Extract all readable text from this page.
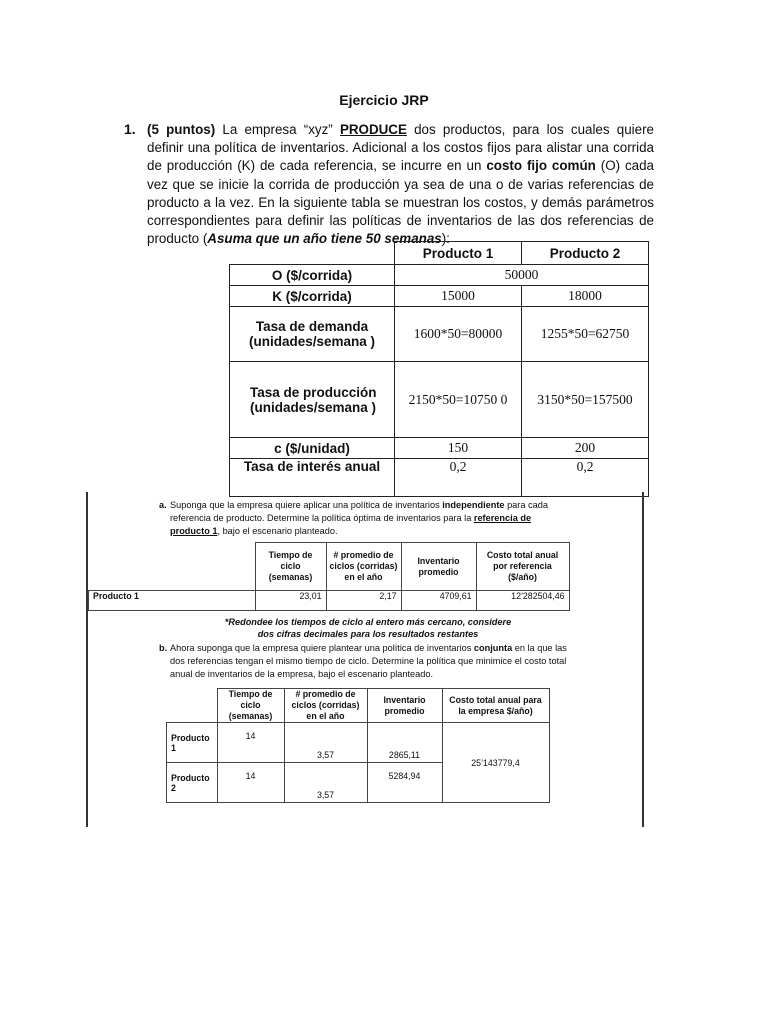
Ejercicio JRP
1. (5 puntos) La empresa “xyz” PRODUCE dos productos, para los cuales quiere definir una política de inventarios. Adicional a los costos fijos para alistar una corrida de producción (K) de cada referencia, se incurre en un costo fijo común (O) cada vez que se inicie la corrida de producción ya sea de una o de varias referencias de producto a la vez. En la siguiente tabla se muestran los costos, y demás parámetros correspondientes para definir las políticas de inventarios de las dos referencias de producto (Asuma que un año tiene 50 semanas):
	Producto 1	Producto 2
O ($/corrida)	50000	
K ($/corrida)	15000	18000
Tasa de demanda (unidades/semana )	1600*50=80000	1255*50=62750
Tasa de producción (unidades/semana )	2150*50=10750 0	3150*50=157500
c ($/unidad)	150	200
Tasa de interés anual	0,2	0,2
a. Suponga que la empresa quiere aplicar una política de inventarios independiente para cada referencia de producto. Determine la política óptima de inventarios para la referencia de producto 1, bajo el escenario planteado.
	Tiempo de ciclo (semanas)	# promedio de ciclos (corridas) en el año	Inventario promedio	Costo total anual por referencia ($/año)
Producto 1	23,01	2,17	4709,61	12’282504,46
*Redondee los tiempos de ciclo al entero más cercano, considere dos cifras decimales para los resultados restantes
b. Ahora suponga que la empresa quiere plantear una política de inventarios conjunta en la que las dos referencias tengan el mismo tiempo de ciclo. Determine la política que minimice el costo total anual de inventarios de la empresa, bajo el escenario planteado.
	Tiempo de ciclo (semanas)	# promedio de ciclos (corridas) en el año	Inventario promedio	Costo total anual para la empresa $/año)
Producto 1	14	3,57	2865,11	25’143779,4
Producto 2	14	3,57	5284,94	
